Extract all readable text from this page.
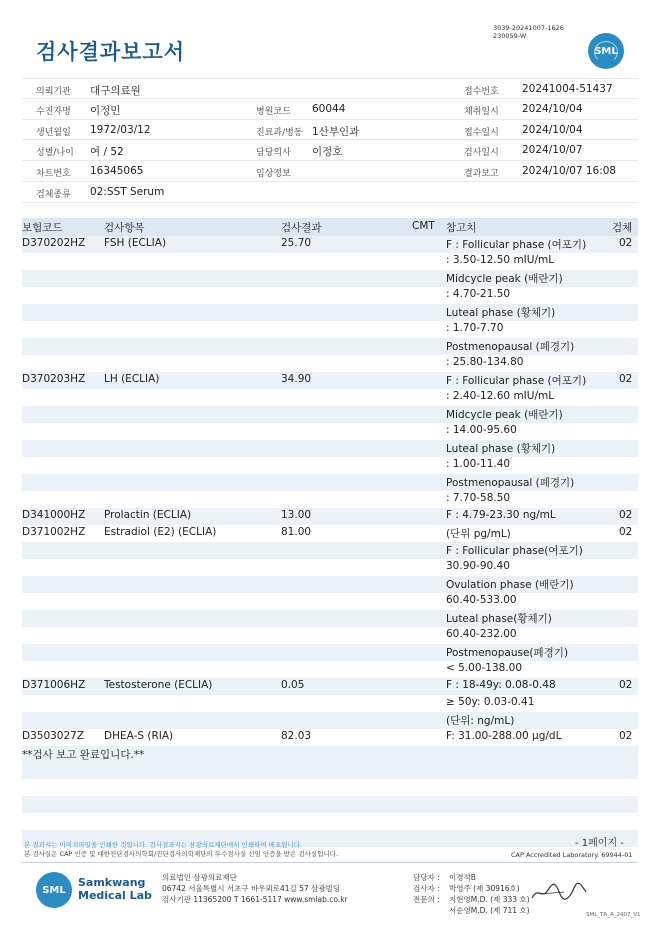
검사결과보고서
3039-20241007-1626
230059-W
SML
의뢰기관 대구의료원	접수번호 20241004-51437
수진자명 이정민	병원코드 60044	채취일시 2024/10/04
생년월일 1972/03/12	진료과/병동 1산부인과	접수일시 2024/10/04
성별/나이 여 / 52	담당의사 이정호	검사일시 2024/10/07
차트번호 16345065	임상정보	결과보고 2024/10/07 16:08
검체종류 02:SST Serum
보험코드	검사항목	검사결과	CMT 참고치	검체
D370202HZ FSH (ECLIA)	25.70	F : Follicular phase (여포기)	02
: 3.50-12.50 mIU/mL
Midcycle peak (배란기)
: 4.70-21.50
Luteal phase (황체기)
: 1.70-7.70
Postmenopausal (폐경기)
: 25.80-134.80
D370203HZ LH (ECLIA)	34.90	F : Follicular phase (여포기)	02
: 2.40-12.60 mIU/mL
Midcycle peak (배란기)
: 14.00-95.60
Luteal phase (황체기)
: 1.00-11.40
Postmenopausal (폐경기)
: 7.70-58.50
D341000HZ Prolactin (ECLIA)	13.00	F : 4.79-23.30 ng/mL	02
D371002HZ Estradiol (E2) (ECLIA)	81.00	(단위 pg/mL)	02
F : Follicular phase(여포기)
30.90-90.40
Ovulation phase (배란기)
60.40-533.00
Luteal phase(황체기)
60.40-232.00
Postmenopause(폐경기)
< 5.00-138.00
D371006HZ Testosterone (ECLIA)	0.05	F : 18-49y: 0.08-0.48	02
≥ 50y: 0.03-0.41
(단위: ng/mL)
D3503027Z DHEA-S (RIA)	82.03	F: 31.00-288.00 μg/dL	02
**검사 보고 완료입니다.**
- 1페이지 -
본 결과지는 이미지파일을 인쇄한 것입니다. 검사결과지는 삼광의료재단에서 인쇄하여 배포됩니다.
본 검사실은 CAP 인증 및 대한진단검사의학회/진단검사의학재단의 우수검사실 신임 인증을 받은 검사실입니다.	CAP Accredited Laboratory. 69944-01
SML
Samkwang
Medical Lab
의료법인 삼광의료재단
06742 서울특별시 서초구 바우뫼로41길 57 삼광빌딩
검사기관 11365200 T 1661-5117 www.smlab.co.kr
담당자 : 이경석B
검사자 : 박영주 (제 30916호)
전문의 : 지현영M.D. (제 333 호)
서순영M.D. (제 711 호)	SML_TR_A_2407_V1
